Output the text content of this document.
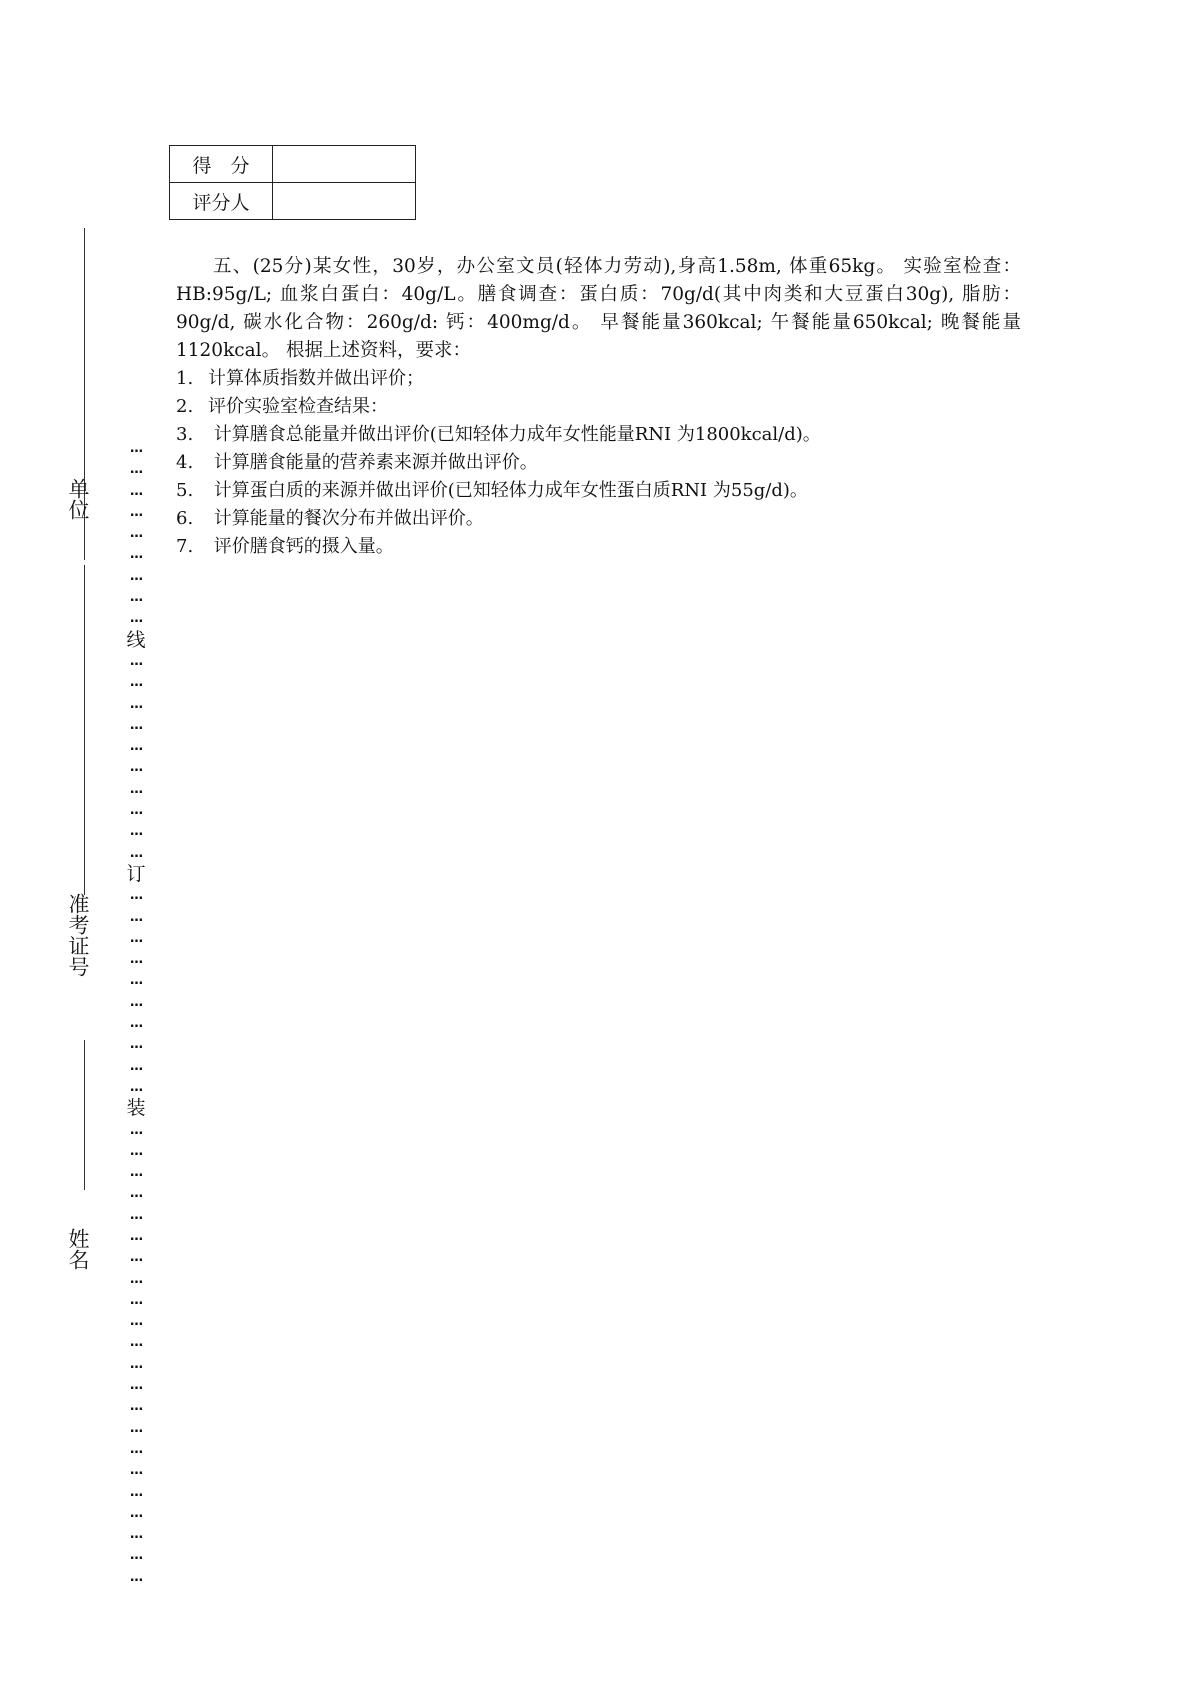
得　分	
评分人	

五、(25分)某女性，30岁，办公室文员(轻体力劳动),身高1.58m, 体重65kg。 实验室检查：HB:95g/L; 血浆白蛋白：40g/L。膳食调查：蛋白质：70g/d(其中肉类和大豆蛋白30g), 脂肪：90g/d, 碳水化合物：260g/d: 钙：400mg/d。 早餐能量360kcal; 午餐能量650kcal; 晚餐能量1120kcal。 根据上述资料，要求：

1. 计算体质指数并做出评价；
2. 评价实验室检查结果：
3. 计算膳食总能量并做出评价(已知轻体力成年女性能量RNI 为1800kcal/d)。
4. 计算膳食能量的营养素来源并做出评价。
5. 计算蛋白质的来源并做出评价(已知轻体力成年女性蛋白质RNI 为55g/d)。
6. 计算能量的餐次分布并做出评价。
7. 评价膳食钙的摄入量。
单位
准考证号
姓名
…
…
…
…
…
…
…
…
…
线
…
…
…
…
…
…
…
…
…
…
订
…
…
…
…
…
…
…
…
…
…
装
…
…
…
…
…
…
…
…
…
…
…
…
…
…
…
…
…
…
…
…
…
…
